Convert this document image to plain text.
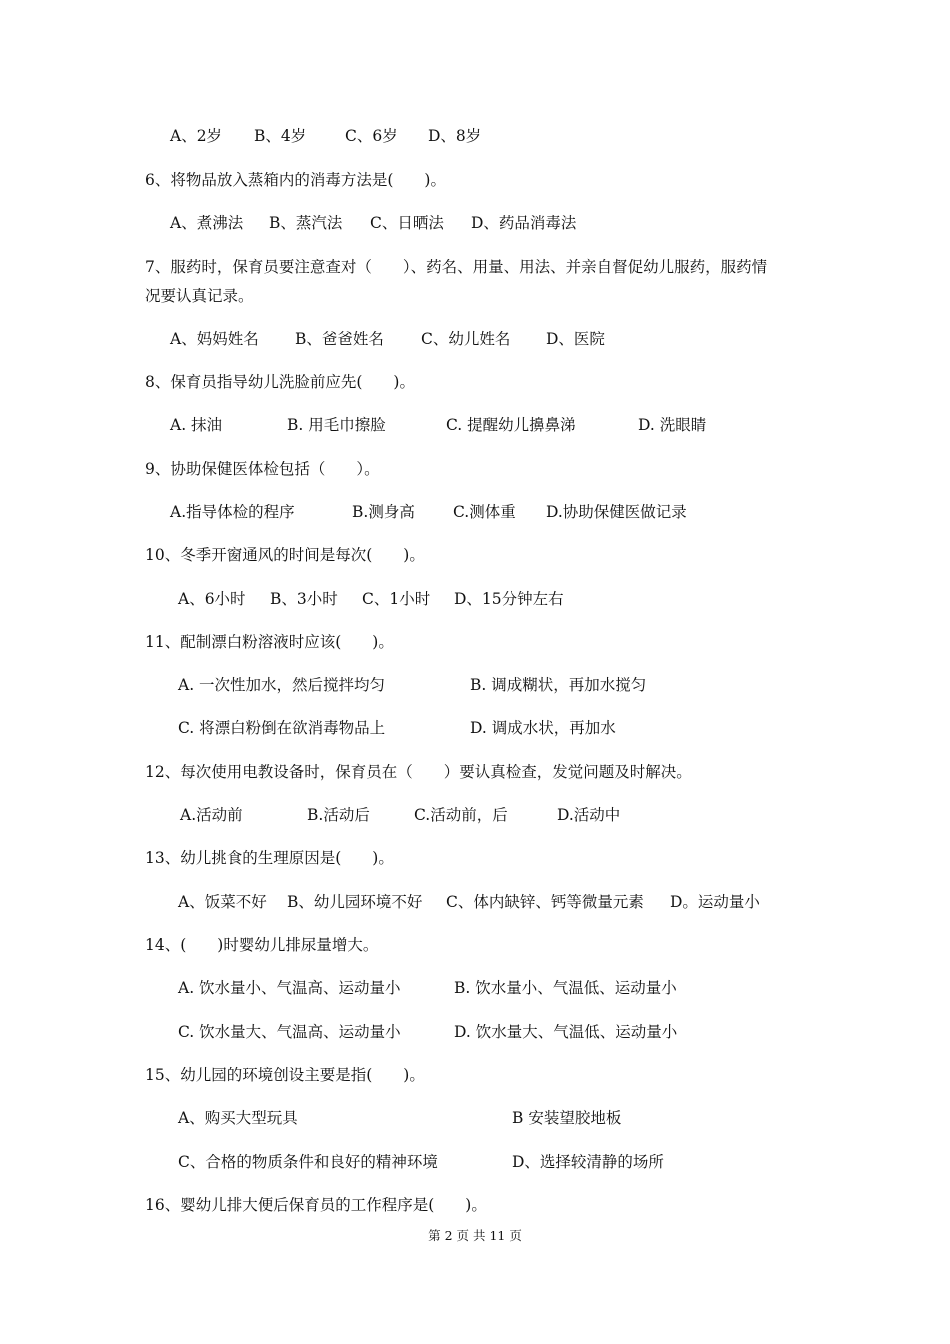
A、2岁 B、4岁 C、6岁 D、8岁
6、将物品放入蒸箱内的消毒方法是(　　)。
A、煮沸法 B、蒸汽法 C、日晒法 D、药品消毒法
7、服药时，保育员要注意查对（　　）、药名、用量、用法、并亲自督促幼儿服药，服药情
况要认真记录。
A、妈妈姓名 B、爸爸姓名 C、幼儿姓名 D、医院
8、保育员指导幼儿洗脸前应先(　　)。
A. 抹油	B. 用毛巾擦脸	C. 提醒幼儿擤鼻涕	D. 洗眼睛
9、协助保健医体检包括（　　）。
A.指导体检的程序	B.测身高 C.测体重 D.协助保健医做记录
10、冬季开窗通风的时间是每次(　　)。
A、6小时 B、3小时 C、1小时 D、15分钟左右
11、配制漂白粉溶液时应该(　　)。
A. 一次性加水，然后搅拌均匀	B. 调成糊状，再加水搅匀
C. 将漂白粉倒在欲消毒物品上	D. 调成水状，再加水
12、每次使用电教设备时，保育员在（　　）要认真检查，发觉问题及时解决。
A.活动前	B.活动后	C.活动前，后	D.活动中
13、幼儿挑食的生理原因是(　　)。
A、饭菜不好 B、幼儿园环境不好 C、体内缺锌、钙等微量元素 D。运动量小
14、(　　)时婴幼儿排尿量增大。
A. 饮水量小、气温高、运动量小	B. 饮水量小、气温低、运动量小
C. 饮水量大、气温高、运动量小	D. 饮水量大、气温低、运动量小
15、幼儿园的环境创设主要是指(　　)。
A、购买大型玩具	B 安装望胶地板
C、合格的物质条件和良好的精神环境	D、选择较清静的场所
16、婴幼儿排大便后保育员的工作程序是(　　)。
第 2 页 共 11 页
